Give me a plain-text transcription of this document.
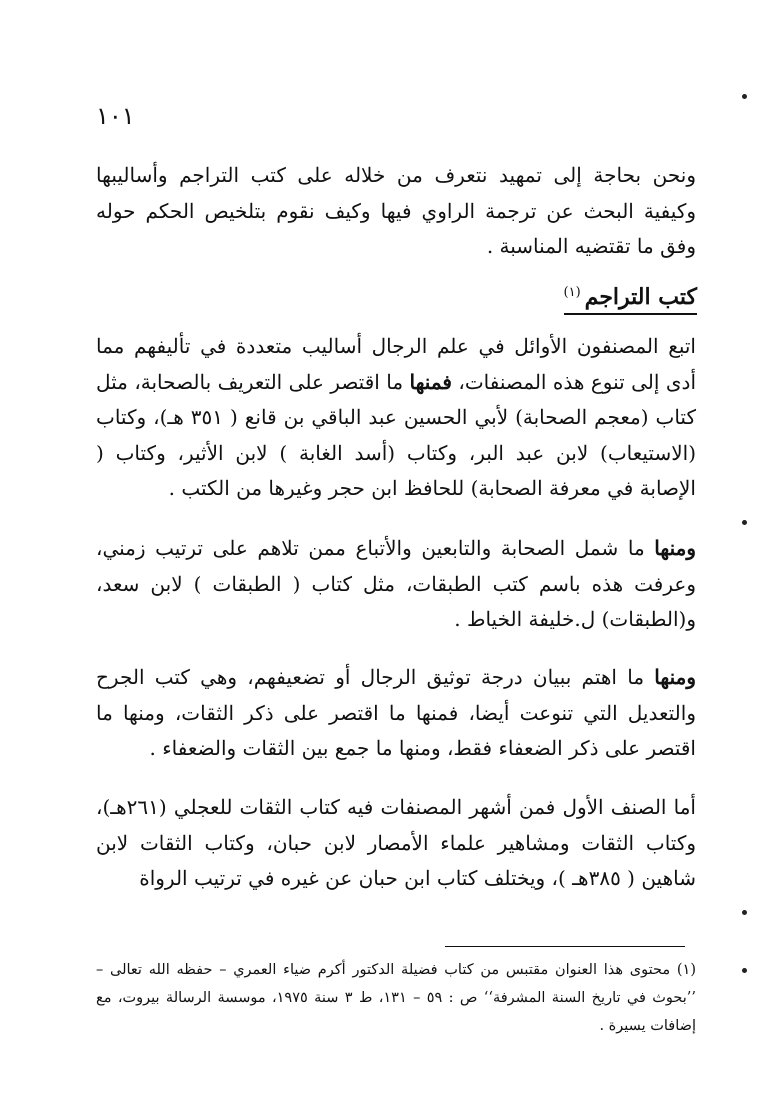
١٠١
ونحن بحاجة إلى تمهيد نتعرف من خلاله على كتب التراجم وأساليبها وكيفية البحث عن ترجمة الراوي فيها وكيف نقوم بتلخيص الحكم حوله وفق ما تقتضيه المناسبة .
كتب التراجم$^{(١)}$
اتبع المصنفون الأوائل في علم الرجال أساليب متعددة في تأليفهم مما أدى إلى تنوع هذه المصنفات، فمنها ما اقتصر على التعريف بالصحابة، مثل كتاب (معجم الصحابة) لأبي الحسين عبد الباقي بن قانع ( ٣٥١ هـ)، وكتاب (الاستيعاب) لابن عبد البر، وكتاب (أسد الغابة ) لابن الأثير، وكتاب ( الإصابة في معرفة الصحابة) للحافظ ابن حجر وغيرها من الكتب .
ومنها ما شمل الصحابة والتابعين والأتباع ممن تلاهم على ترتيب زمني، وعرفت هذه باسم كتب الطبقات، مثل كتاب ( الطبقات ) لابن سعد، و(الطبقات) ل.خليفة الخياط .
ومنها ما اهتم ببيان درجة توثيق الرجال أو تضعيفهم، وهي كتب الجرح والتعديل التي تنوعت أيضا، فمنها ما اقتصر على ذكر الثقات، ومنها ما اقتصر على ذكر الضعفاء فقط، ومنها ما جمع بين الثقات والضعفاء .
أما الصنف الأول فمن أشهر المصنفات فيه كتاب الثقات للعجلي (٢٦١هـ)، وكتاب الثقات ومشاهير علماء الأمصار لابن حبان، وكتاب الثقات لابن شاهين ( ٣٨٥هـ )، ويختلف كتاب ابن حبان عن غيره في ترتيب الرواة
(١) محتوى هذا العنوان مقتبس من كتاب فضيلة الدكتور أكرم ضياء العمري – حفظه الله تعالى – ’’بحوث في تاريخ السنة المشرفة‘‘ ص : ٥٩ – ١٣١، ط ٣ سنة ١٩٧٥، موسسة الرسالة بيروت، مع إضافات يسيرة .
